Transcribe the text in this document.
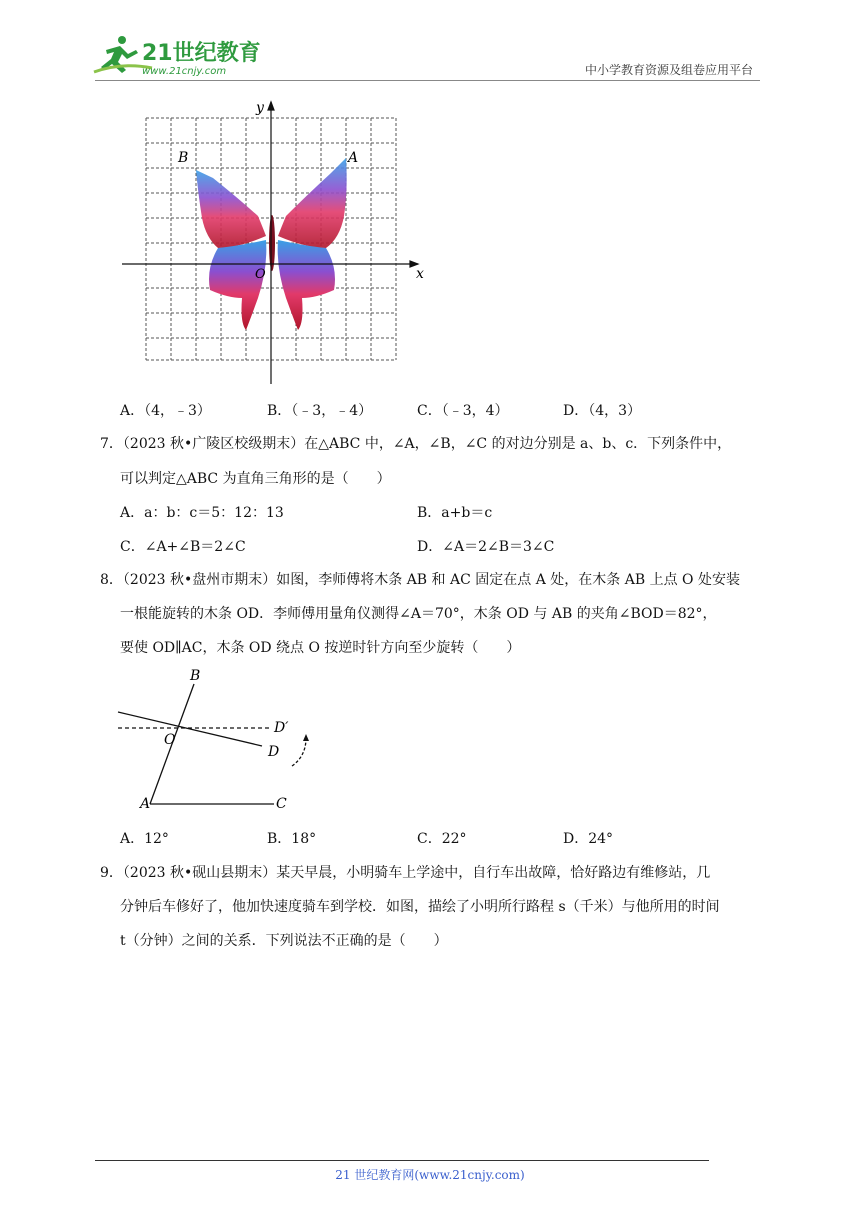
21世纪教育
www.21cnjy.com	中小学教育资源及组卷应用平台
x
y
O
A
B
A．（4，﹣3）	B．（﹣3，﹣4）	C．（﹣3，4）	D．（4，3）
7．（2023 秋•广陵区校级期末）在△ABC 中，∠A，∠B，∠C 的对边分别是 a、b、c．下列条件中，
可以判定△ABC 为直角三角形的是（　　）
A．a：b：c＝5：12：13	B．a+b＝c
C．∠A+∠B＝2∠C	D．∠A＝2∠B＝3∠C
8．（2023 秋•盘州市期末）如图，李师傅将木条 AB 和 AC 固定在点 A 处，在木条 AB 上点 O 处安装
一根能旋转的木条 OD．李师傅用量角仪测得∠A＝70°，木条 OD 与 AB 的夹角∠BOD＝82°，
要使 OD∥AC，木条 OD 绕点 O 按逆时针方向至少旋转（　　）
B
O
D′
D
A	C
A．12°	B．18°	C．22°	D．24°
9．（2023 秋•砚山县期末）某天早晨，小明骑车上学途中，自行车出故障，恰好路边有维修站，几
分钟后车修好了，他加快速度骑车到学校．如图，描绘了小明所行路程 s（千米）与他所用的时间
t（分钟）之间的关系．下列说法不正确的是（　　）
21 世纪教育网(www.21cnjy.com)
